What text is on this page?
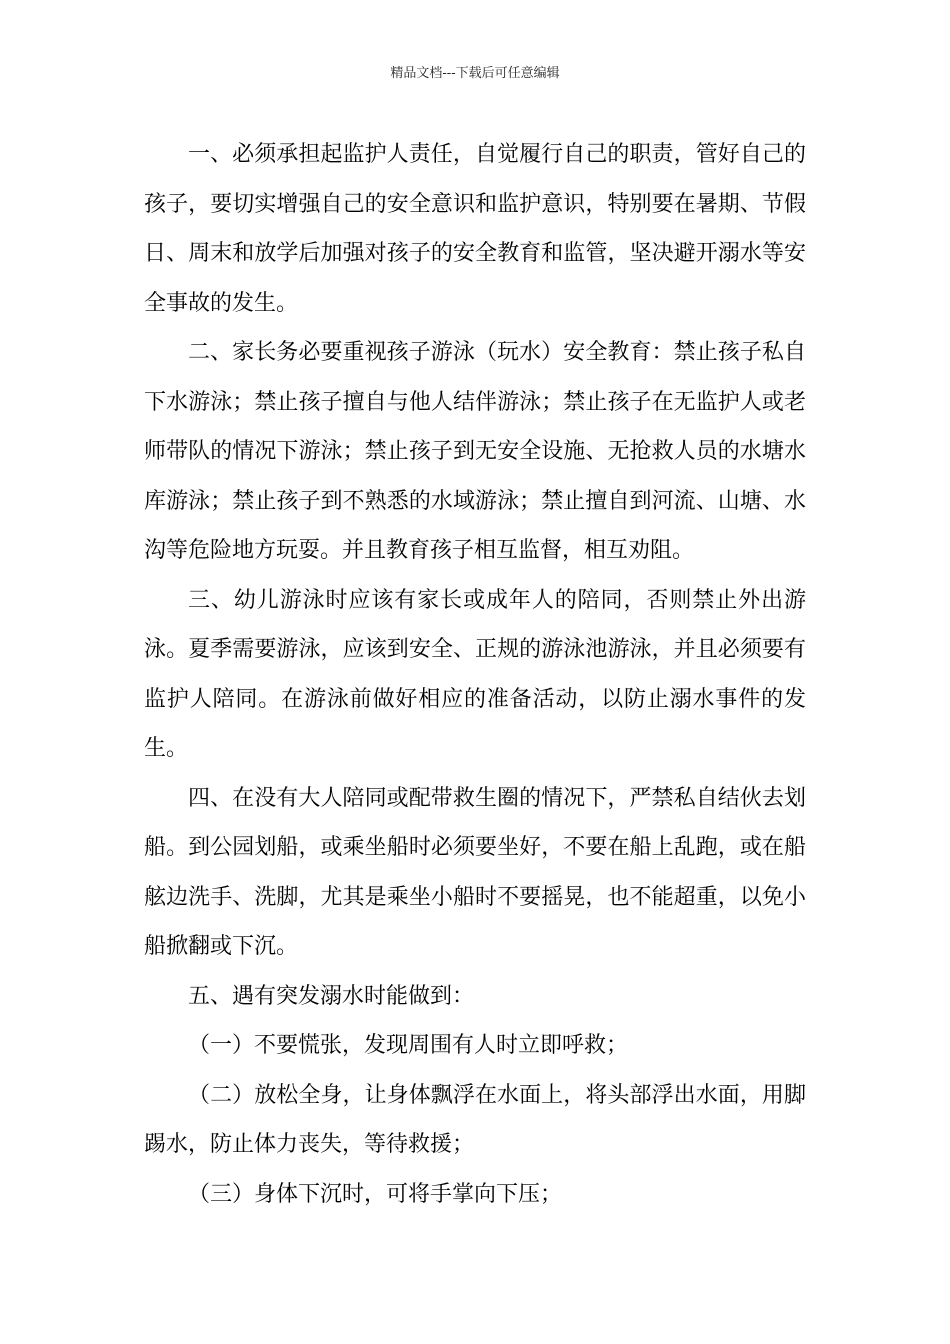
精品文档---下载后可任意编辑

一、必须承担起监护人责任，自觉履行自己的职责，管好自己的孩子，要切实增强自己的安全意识和监护意识，特别要在暑期、节假日、周末和放学后加强对孩子的安全教育和监管，坚决避开溺水等安全事故的发生。

二、家长务必要重视孩子游泳（玩水）安全教育：禁止孩子私自下水游泳；禁止孩子擅自与他人结伴游泳；禁止孩子在无监护人或老师带队的情况下游泳；禁止孩子到无安全设施、无抢救人员的水塘水库游泳；禁止孩子到不熟悉的水域游泳；禁止擅自到河流、山塘、水沟等危险地方玩耍。并且教育孩子相互监督，相互劝阻。

三、幼儿游泳时应该有家长或成年人的陪同，否则禁止外出游泳。夏季需要游泳，应该到安全、正规的游泳池游泳，并且必须要有监护人陪同。在游泳前做好相应的准备活动，以防止溺水事件的发生。

四、在没有大人陪同或配带救生圈的情况下，严禁私自结伙去划船。到公园划船，或乘坐船时必须要坐好，不要在船上乱跑，或在船舷边洗手、洗脚，尤其是乘坐小船时不要摇晃，也不能超重，以免小船掀翻或下沉。

五、遇有突发溺水时能做到：

（一）不要慌张，发现周围有人时立即呼救；

（二）放松全身，让身体飘浮在水面上，将头部浮出水面，用脚踢水，防止体力丧失，等待救援；

（三）身体下沉时，可将手掌向下压；
